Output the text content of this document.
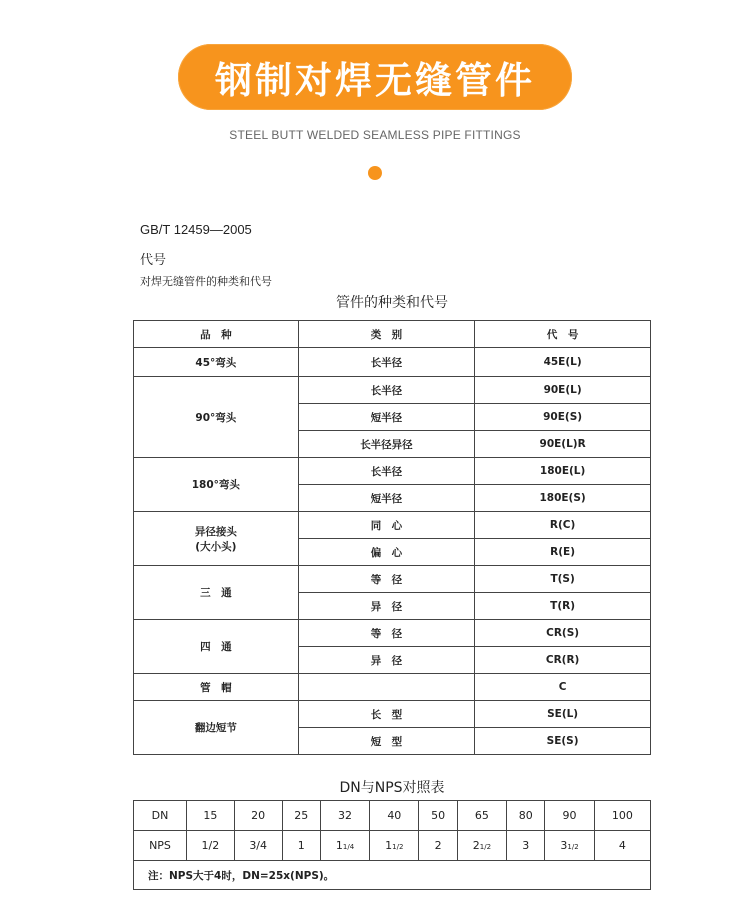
钢制对焊无缝管件
STEEL BUTT WELDED SEAMLESS PIPE FITTINGS
GB/T 12459—2005
代号
对焊无缝管件的种类和代号
管件的种类和代号
品　种	类　别	代　号
45°弯头	长半径	45E(L)
90°弯头	长半径	90E(L)
	短半径	90E(S)
	长半径异径	90E(L)R
180°弯头	长半径	180E(L)
	短半径	180E(S)

异径接头
(大小头)	同　心	R(C)
	偏　心	R(E)
三　通	等　径	T(S)
	异　径	T(R)
四　通	等　径	CR(S)
	异　径	CR(R)
管　帽		C
翻边短节	长　型	SE(L)
	短　型	SE(S)
DN与NPS对照表
DN	15	20	25	32	40	50	65	80	90	100
NPS	1/2	3/4	1	11/4	11/2	2	21/2	3	31/2	4
注：NPS大于4时，DN=25x(NPS)。										
